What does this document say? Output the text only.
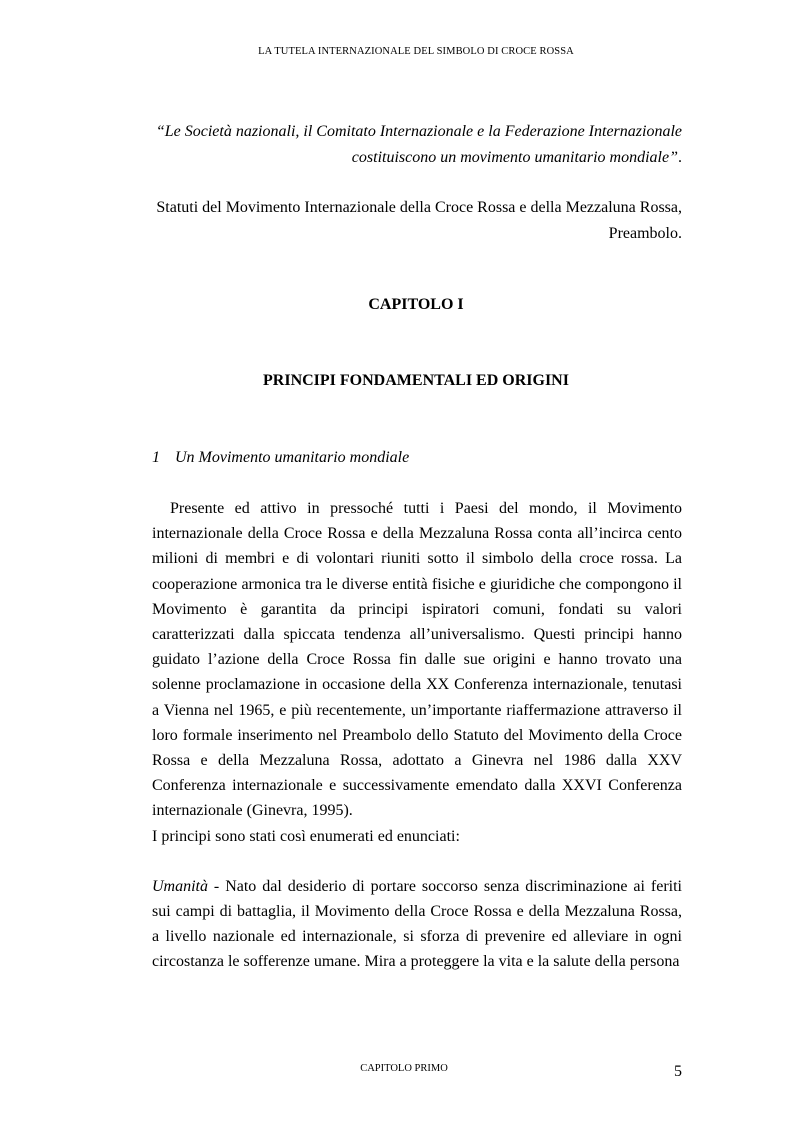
LA TUTELA INTERNAZIONALE DEL SIMBOLO DI CROCE ROSSA
“Le Società nazionali, il Comitato Internazionale e la Federazione Internazionale
costituiscono un movimento umanitario mondiale”.
Statuti del Movimento Internazionale della Croce Rossa e della Mezzaluna Rossa,
Preambolo.
CAPITOLO I
PRINCIPI FONDAMENTALI ED ORIGINI
1 Un Movimento umanitario mondiale

Presente ed attivo in pressoché tutti i Paesi del mondo, il Movimento internazionale della Croce Rossa e della Mezzaluna Rossa conta all’incirca cento milioni di membri e di volontari riuniti sotto il simbolo della croce rossa. La cooperazione armonica tra le diverse entità fisiche e giuridiche che compongono il Movimento è garantita da principi ispiratori comuni, fondati su valori caratterizzati dalla spiccata tendenza all’universalismo. Questi principi hanno guidato l’azione della Croce Rossa fin dalle sue origini e hanno trovato una solenne proclamazione in occasione della XX Conferenza internazionale, tenutasi a Vienna nel 1965, e più recentemente, un’importante riaffermazione attraverso il loro formale inserimento nel Preambolo dello Statuto del Movimento della Croce Rossa e della Mezzaluna Rossa, adottato a Ginevra nel 1986 dalla XXV Conferenza internazionale e successivamente emendato dalla XXVI Conferenza internazionale (Ginevra, 1995).

I principi sono stati così enumerati ed enunciati:

Umanità - Nato dal desiderio di portare soccorso senza discriminazione ai feriti sui campi di battaglia, il Movimento della Croce Rossa e della Mezzaluna Rossa, a livello nazionale ed internazionale, si sforza di prevenire ed alleviare in ogni circostanza le sofferenze umane. Mira a proteggere la vita e la salute della persona

CAPITOLO PRIMO	5
